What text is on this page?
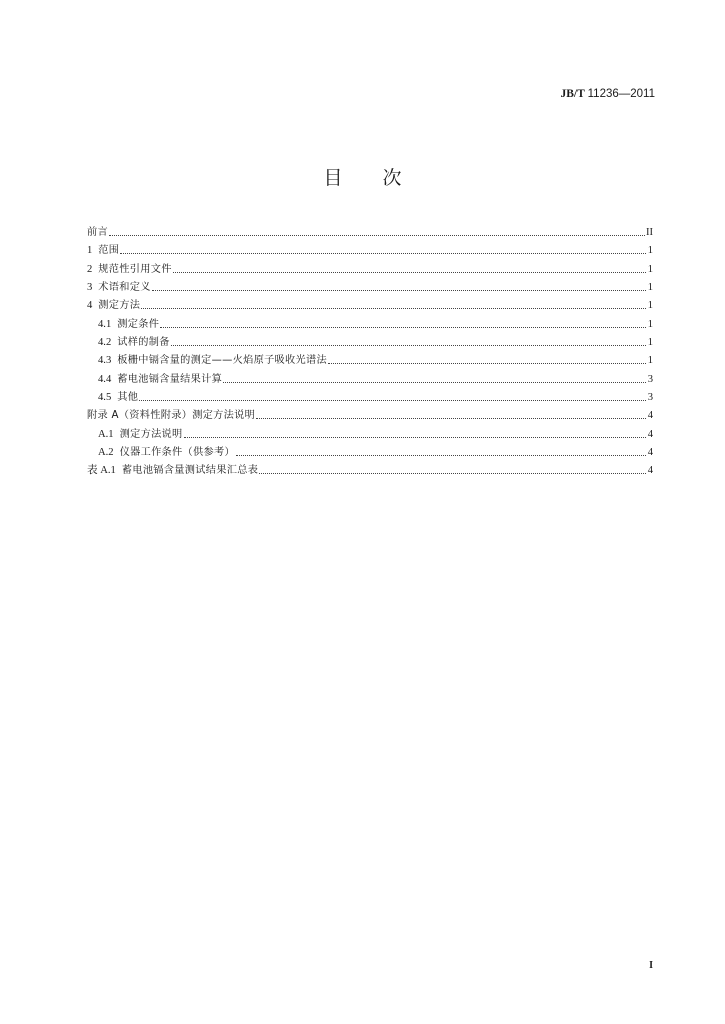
JB/T 11236—2011
目 次
前言	II
1 范围	1
2 规范性引用文件	1
3 术语和定义	1
4 测定方法	1
4.1 测定条件	1
4.2 试样的制备	1
4.3 板栅中镉含量的测定——火焰原子吸收光谱法	1
4.4 蓄电池镉含量结果计算	3
4.5 其他	3
附录 A（资料性附录）测定方法说明	4
A.1 测定方法说明	4
A.2 仪器工作条件（供参考）	4
表 A.1 蓄电池镉含量测试结果汇总表	4
I
